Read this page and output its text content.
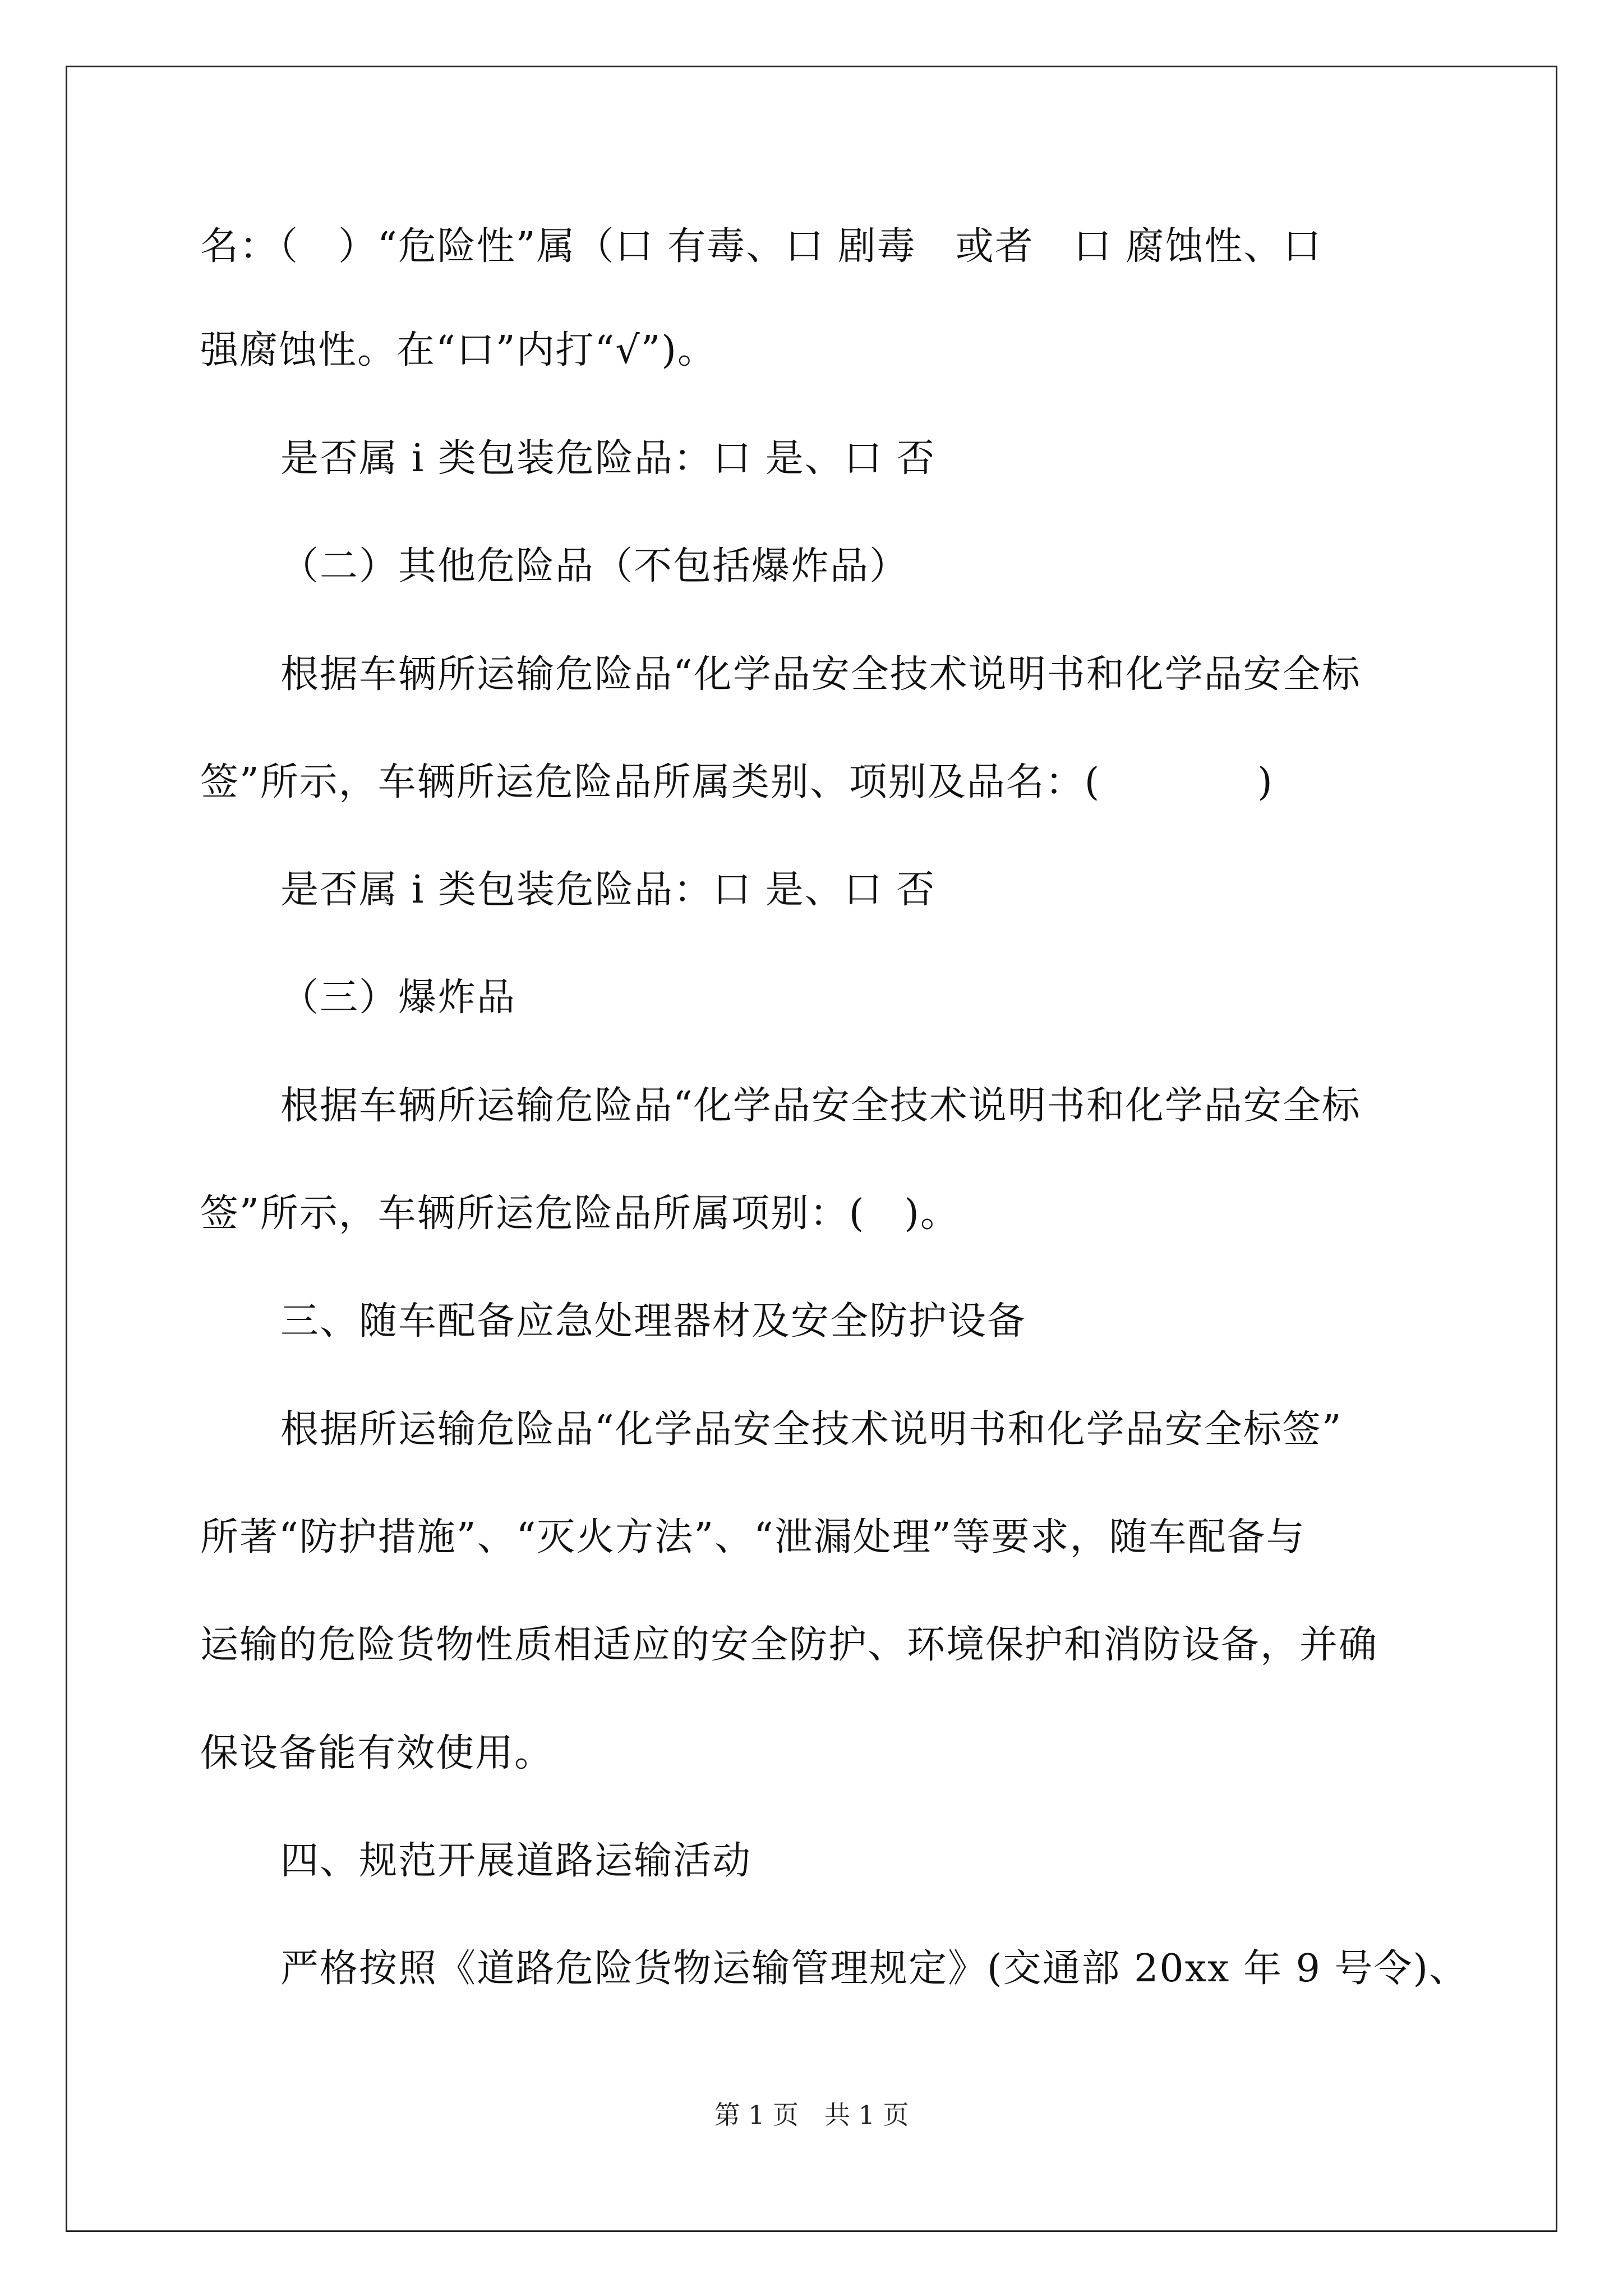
名：（　）“危险性”属（口 有毒、口 剧毒　或者　口 腐蚀性、口
强腐蚀性。在“口”内打“√”)。
是否属 i 类包装危险品：口 是、口 否
（二）其他危险品（不包括爆炸品）
根据车辆所运输危险品“化学品安全技术说明书和化学品安全标
签”所示，车辆所运危险品所属类别、项别及品名：(　　　　)
是否属 i 类包装危险品：口 是、口 否
（三）爆炸品
根据车辆所运输危险品“化学品安全技术说明书和化学品安全标
签”所示，车辆所运危险品所属项别：(　)。
三、随车配备应急处理器材及安全防护设备
根据所运输危险品“化学品安全技术说明书和化学品安全标签”
所著“防护措施”、“灭火方法”、“泄漏处理”等要求，随车配备与
运输的危险货物性质相适应的安全防护、环境保护和消防设备，并确
保设备能有效使用。
四、规范开展道路运输活动
严格按照《道路危险货物运输管理规定》(交通部 20xx 年 9 号令)、
第 1 页　共 1 页
